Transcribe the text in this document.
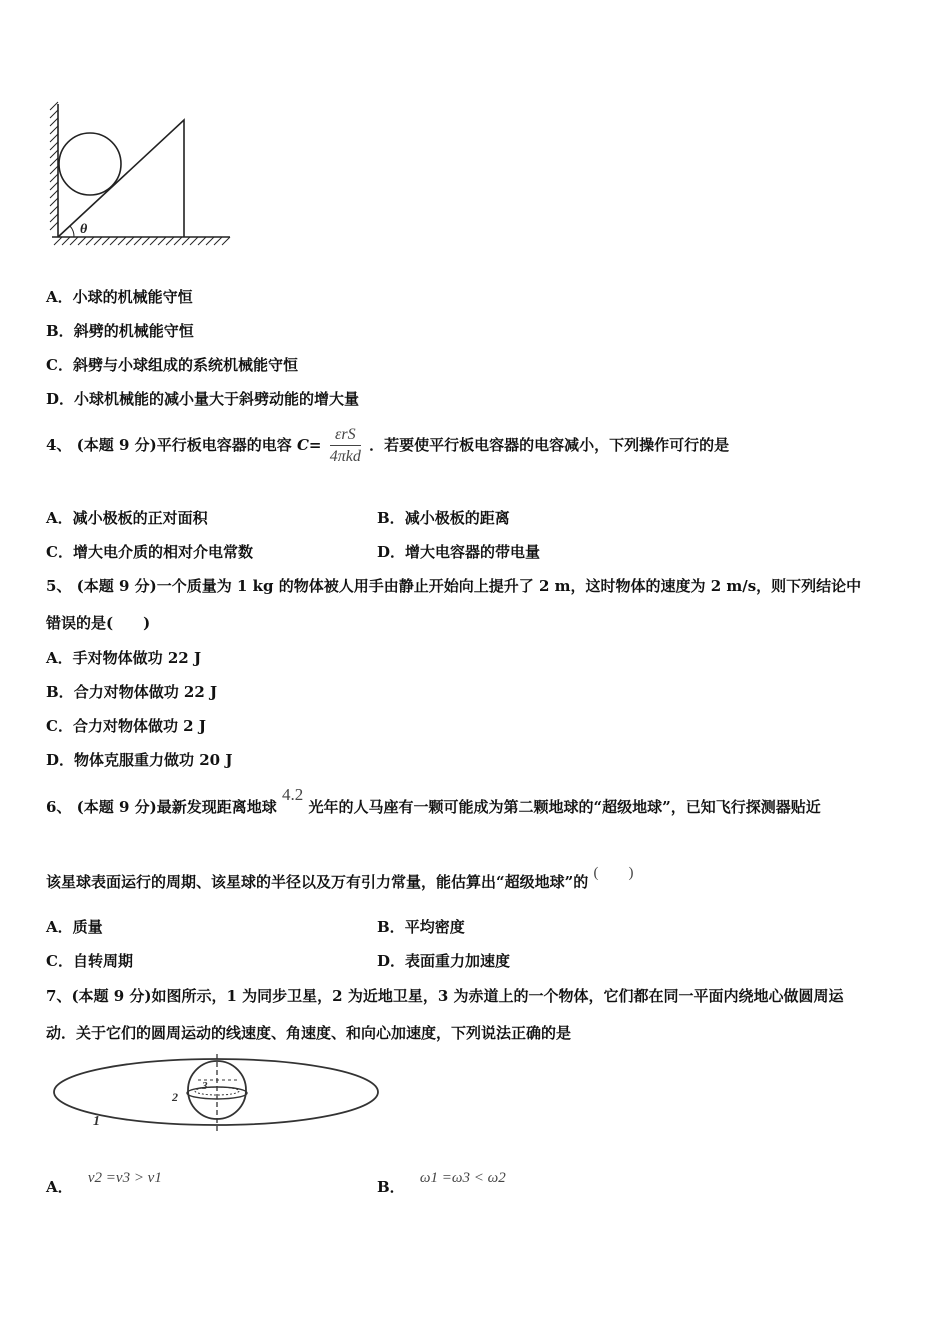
θ
A．小球的机械能守恒
B．斜劈的机械能守恒
C．斜劈与小球组成的系统机械能守恒
D．小球机械能的减小量大于斜劈动能的增大量
4、 (本题 9 分)平行板电容器的电容 $C= \frac{\text{εrS}}{\text{4πkd}}$ ．若要使平行板电容器的电容减小，下列操作可行的是
A．减小极板的正对面积	B．减小极板的距离
C．增大电介质的相对介电常数	D．增大电容器的带电量
5、 (本题 9 分)一个质量为 1 kg 的物体被人用手由静止开始向上提升了 2 m，这时物体的速度为 2 m/s，则下列结论中
错误的是(　　)
A．手对物体做功 22 J
B．合力对物体做功 22 J
C．合力对物体做功 2 J
D．物体克服重力做功 20 J
6、 (本题 9 分)最新发现距离地球 4.2 光年的人马座有一颗可能成为第二颗地球的“超级地球”，已知飞行探测器贴近
该星球表面运行的周期、该星球的半径以及万有引力常量，能估算出“超级地球”的 (　　)
A．质量	B．平均密度
C．自转周期	D．表面重力加速度
7、(本题 9 分)如图所示，1 为同步卫星，2 为近地卫星，3 为赤道上的一个物体，它们都在同一平面内绕地心做圆周运
动．关于它们的圆周运动的线速度、角速度、和向心加速度，下列说法正确的是
3
2
1
A． v2 =v3 > v1	B． ω1 =ω3 < ω2
